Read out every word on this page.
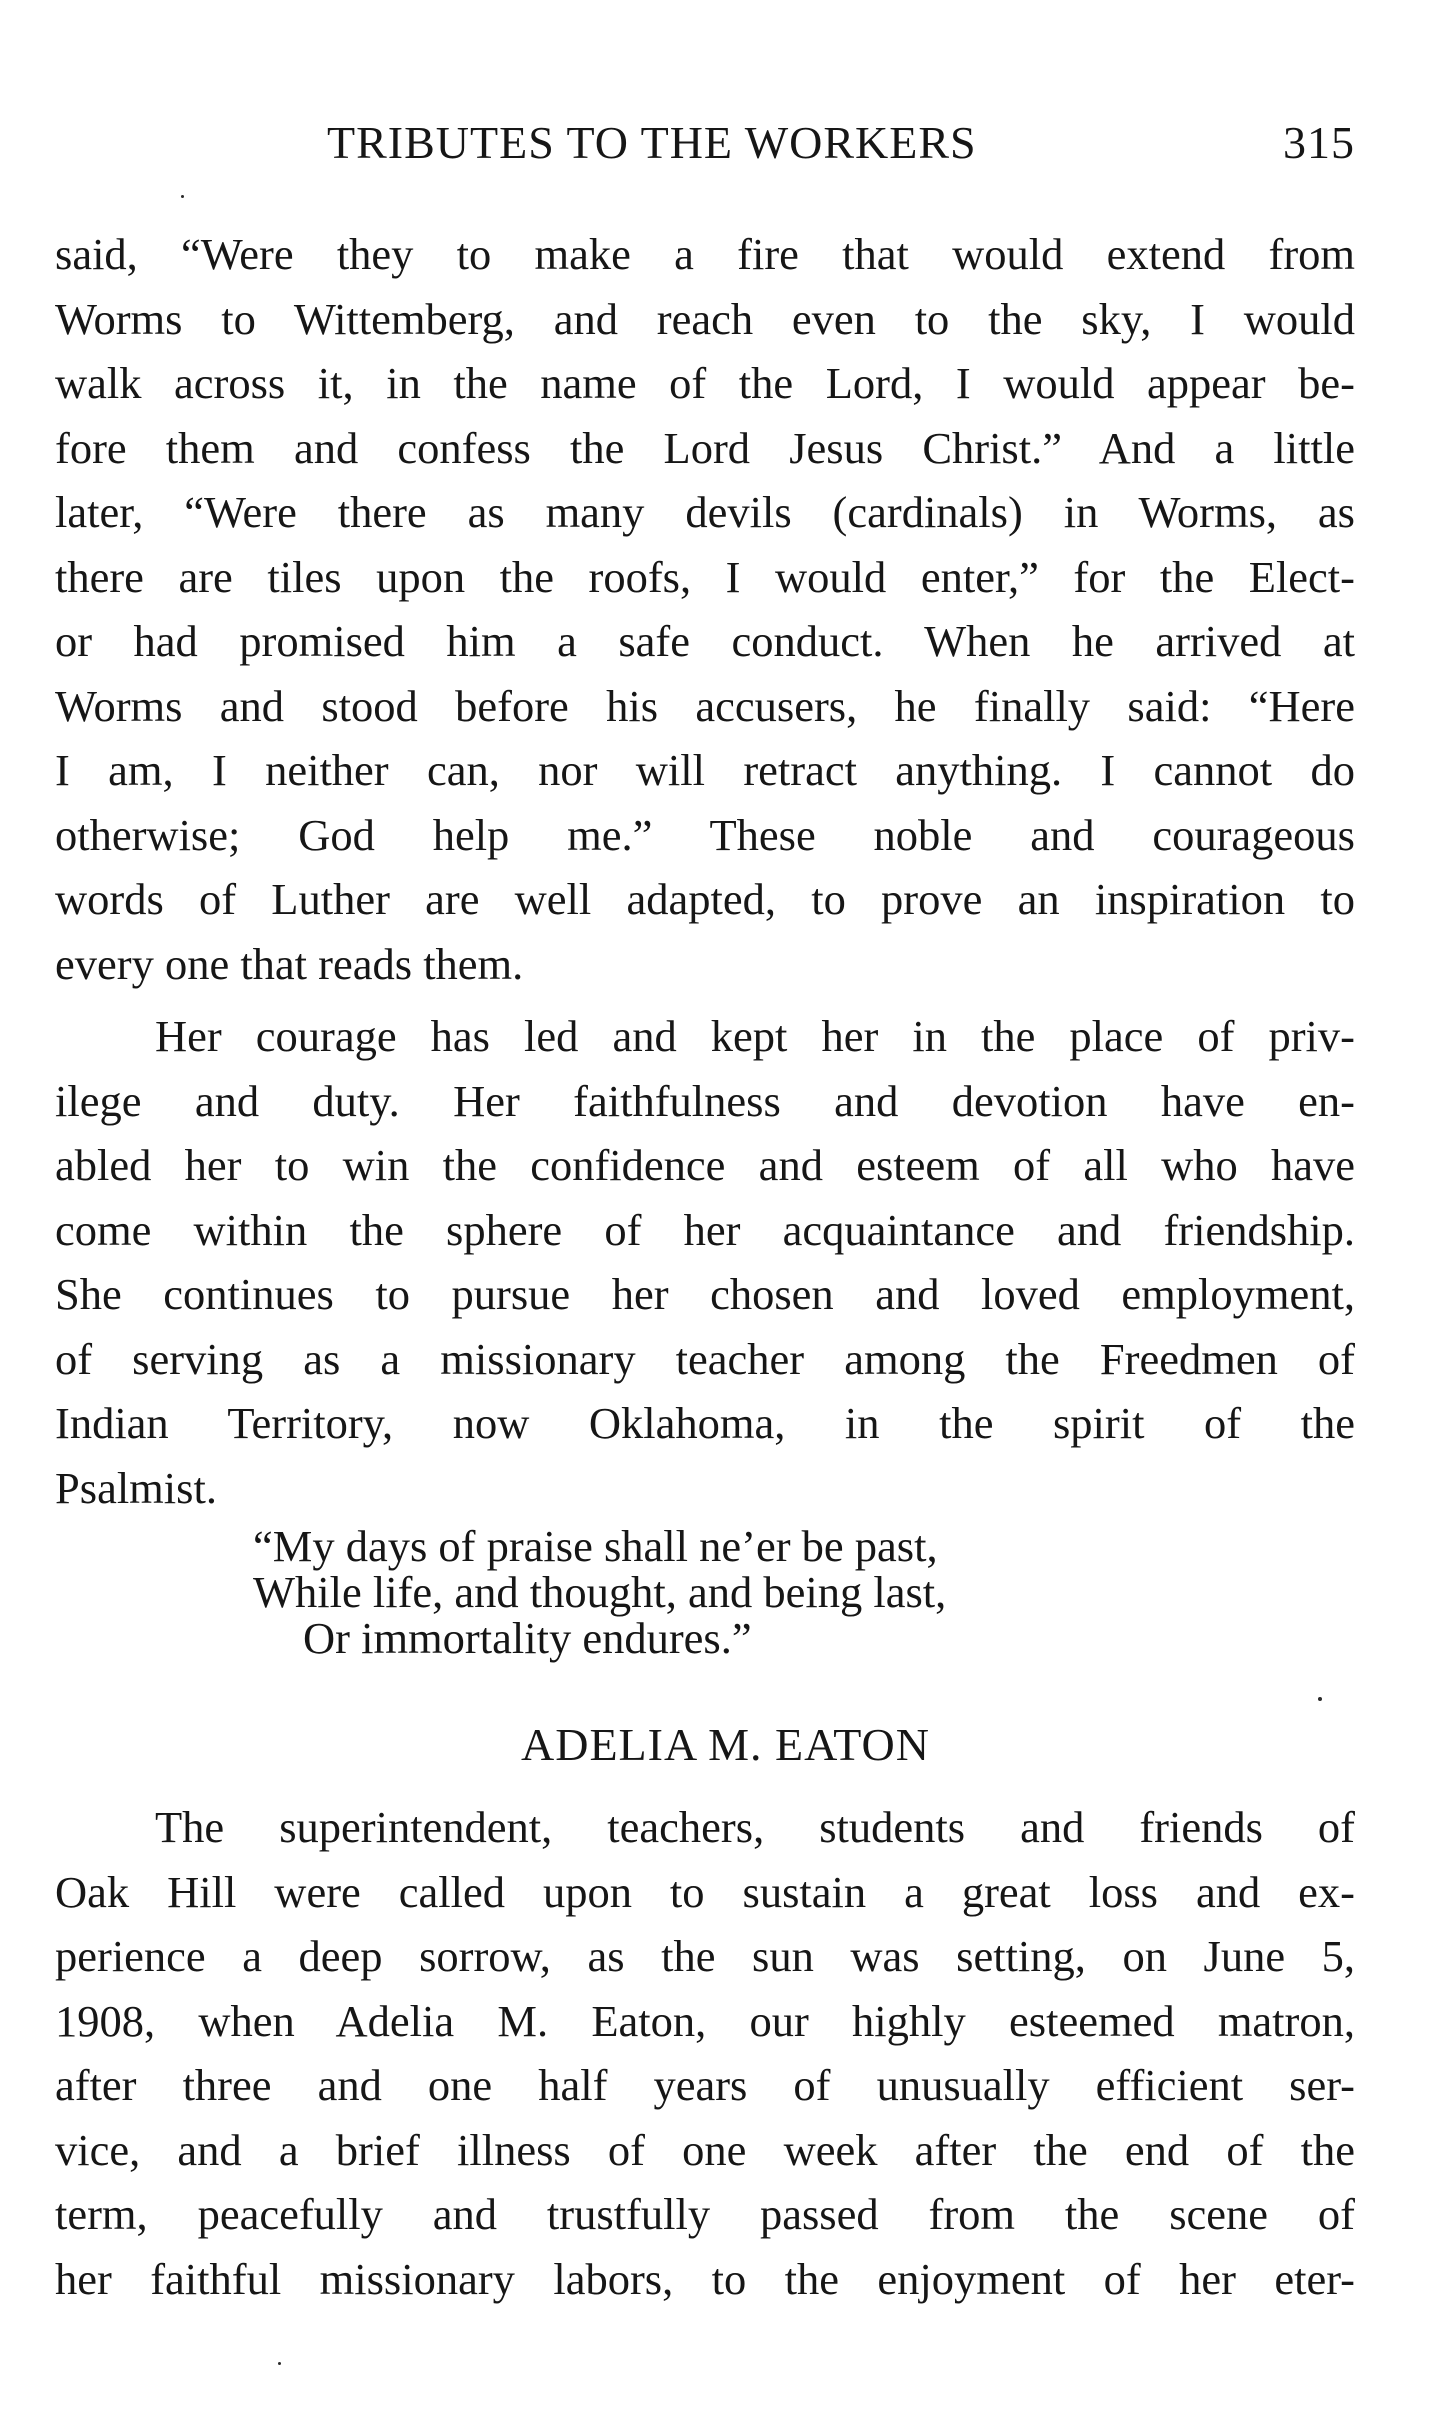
TRIBUTES TO THE WORKERS	315
said, “Were they to make a fire that would extend from
Worms to Wittemberg, and reach even to the sky, I would
walk across it, in the name of the Lord, I would appear be-
fore them and confess the Lord Jesus Christ.” And a little
later, “Were there as many devils (cardinals) in Worms, as
there are tiles upon the roofs, I would enter,” for the Elect-
or had promised him a safe conduct. When he arrived at
Worms and stood before his accusers, he finally said: “Here
I am, I neither can, nor will retract anything. I cannot do
otherwise; God help me.” These noble and courageous
words of Luther are well adapted, to prove an inspiration to
every one that reads them.
Her courage has led and kept her in the place of priv-
ilege and duty. Her faithfulness and devotion have en-
abled her to win the confidence and esteem of all who have
come within the sphere of her acquaintance and friendship.
She continues to pursue her chosen and loved employment,
of serving as a missionary teacher among the Freedmen of
Indian Territory, now Oklahoma, in the spirit of the
Psalmist.
“My days of praise shall ne’er be past,
While life, and thought, and being last,
Or immortality endures.”
ADELIA M. EATON
The superintendent, teachers, students and friends of
Oak Hill were called upon to sustain a great loss and ex-
perience a deep sorrow, as the sun was setting, on June 5,
1908, when Adelia M. Eaton, our highly esteemed matron,
after three and one half years of unusually efficient ser-
vice, and a brief illness of one week after the end of the
term, peacefully and trustfully passed from the scene of
her faithful missionary labors, to the enjoyment of her eter-
